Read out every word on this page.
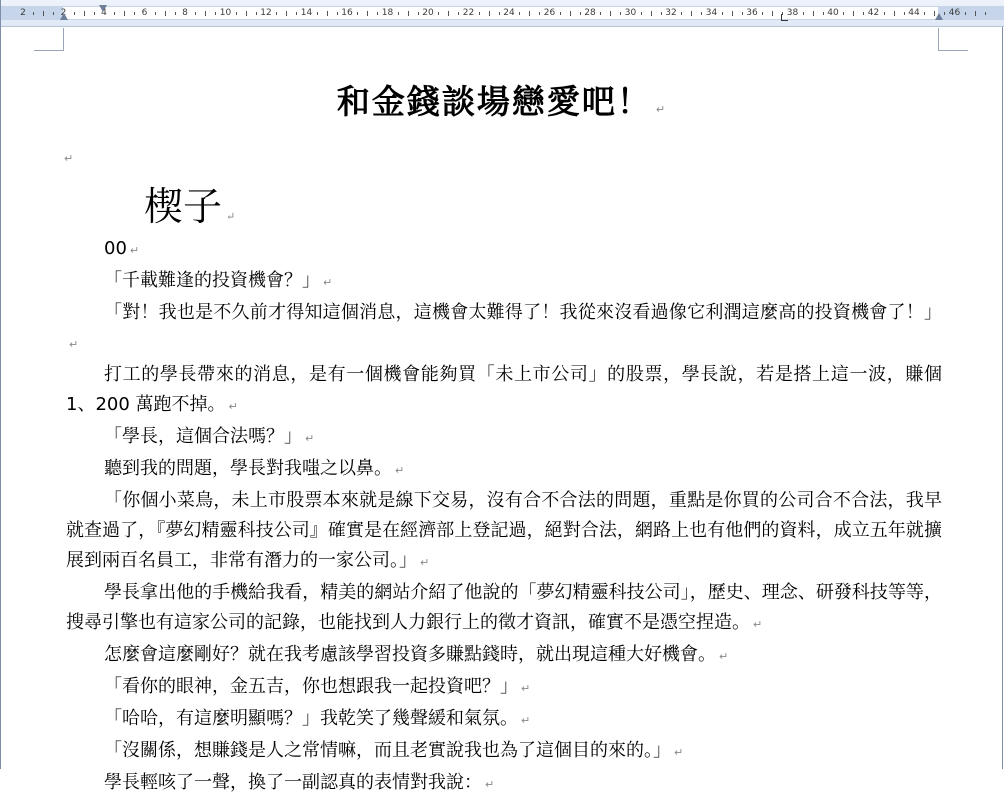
2	2	4	6	8	10	12	14	16	18	20	22	24	26	28	30	32	34	36	38	40	42	44	46
和金錢談場戀愛吧！ ↵
↵
楔子 ↵

00 ↵

「千載難逢的投資機會？」 ↵

「對！我也是不久前才得知這個消息，這機會太難得了！我從來沒看過像它利潤這麼高的投資機會了！」↵

打工的學長帶來的消息，是有一個機會能夠買「未上市公司」的股票，學長說，若是搭上這一波，賺個 1、200 萬跑不掉。 ↵

「學長，這個合法嗎？」 ↵

聽到我的問題，學長對我嗤之以鼻。 ↵

「你個小菜鳥，未上市股票本來就是線下交易，沒有合不合法的問題，重點是你買的公司合不合法，我早就查過了，『夢幻精靈科技公司』確實是在經濟部上登記過，絕對合法，網路上也有他們的資料，成立五年就擴展到兩百名員工，非常有潛力的一家公司。」 ↵

學長拿出他的手機給我看，精美的網站介紹了他說的「夢幻精靈科技公司」，歷史、理念、研發科技等等，搜尋引擎也有這家公司的記錄，也能找到人力銀行上的徵才資訊，確實不是憑空捏造。 ↵

怎麼會這麼剛好？就在我考慮該學習投資多賺點錢時，就出現這種大好機會。 ↵

「看你的眼神，金五吉，你也想跟我一起投資吧？」 ↵

「哈哈，有這麼明顯嗎？」我乾笑了幾聲緩和氣氛。 ↵

「沒關係，想賺錢是人之常情嘛，而且老實說我也為了這個目的來的。」 ↵

學長輕咳了一聲，換了一副認真的表情對我說： ↵
